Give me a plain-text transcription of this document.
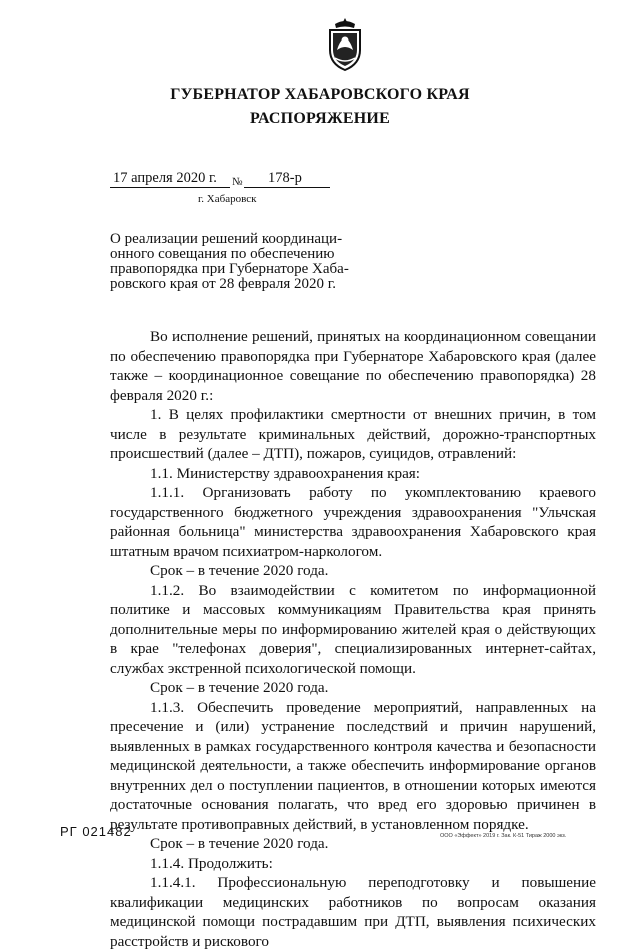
ГУБЕРНАТОР ХАБАРОВСКОГО КРАЯ
РАСПОРЯЖЕНИЕ
17 апреля 2020 г. № 178-р
г. Хабаровск
О реализации решений координаци-
онного совещания по обеспечению
правопорядка при Губернаторе Хаба-
ровского края от 28 февраля 2020 г.

Во исполнение решений, принятых на координационном совещании по обеспечению правопорядка при Губернаторе Хабаровского края (далее также – координационное совещание по обеспечению правопорядка) 28 февраля 2020 г.:

1. В целях профилактики смертности от внешних причин, в том числе в результате криминальных действий, дорожно-транспортных происшествий (далее – ДТП), пожаров, суицидов, отравлений:

1.1. Министерству здравоохранения края:

1.1.1. Организовать работу по укомплектованию краевого государственного бюджетного учреждения здравоохранения "Ульчская районная больница" министерства здравоохранения Хабаровского края штатным врачом психиатром-наркологом.

Срок – в течение 2020 года.

1.1.2. Во взаимодействии с комитетом по информационной политике и массовых коммуникациям Правительства края принять дополнительные меры по информированию жителей края о действующих в крае "телефонах доверия", специализированных интернет-сайтах, службах экстренной психологической помощи.

Срок – в течение 2020 года.

1.1.3. Обеспечить проведение мероприятий, направленных на пресечение и (или) устранение последствий и причин нарушений, выявленных в рамках государственного контроля качества и безопасности медицинской деятельности, а также обеспечить информирование органов внутренних дел о поступлении пациентов, в отношении которых имеются достаточные основания полагать, что вред его здоровью причинен в результате противоправных действий, в установленном порядке.

Срок – в течение 2020 года.

1.1.4. Продолжить:

1.1.4.1. Профессиональную переподготовку и повышение квалификации медицинских работников по вопросам оказания медицинской помощи пострадавшим при ДТП, выявления психических расстройств и рискового

РГ 021482	ООО «Эффект» 2019 г. Зак. К-51 Тираж 2000 экз.
